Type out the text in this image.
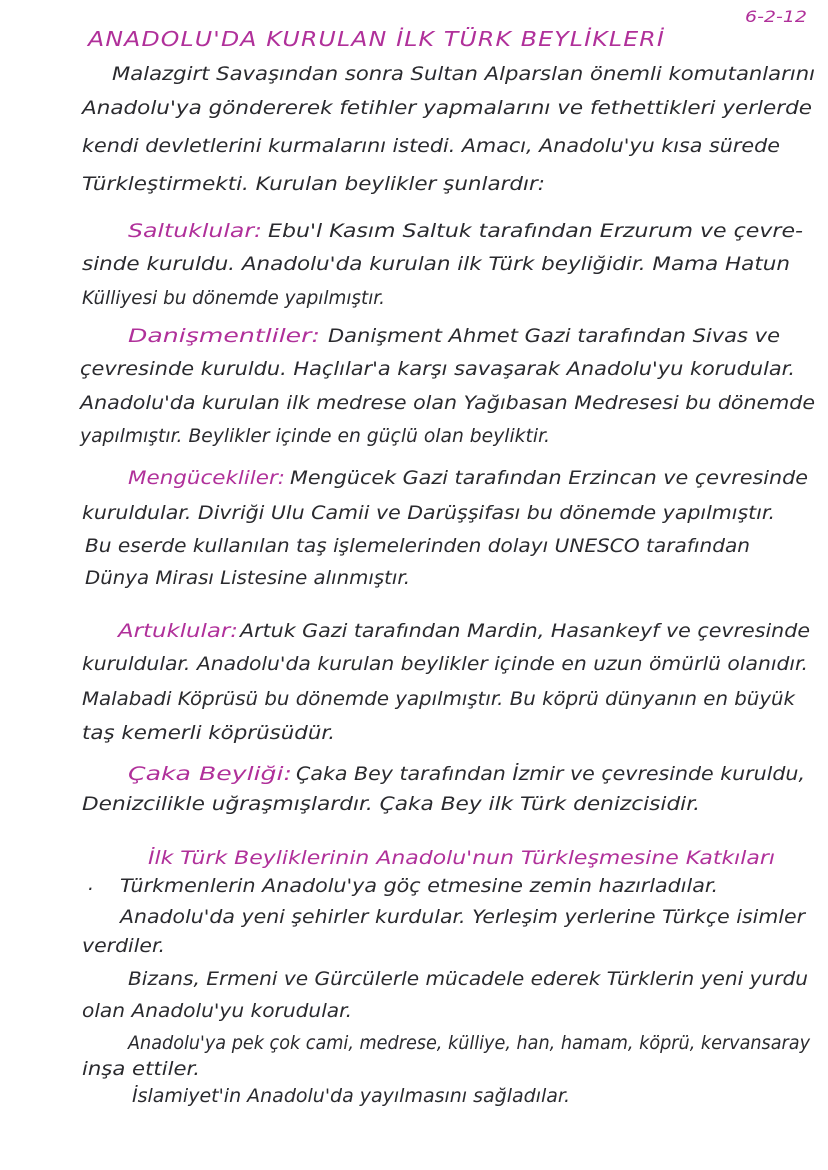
6-2-12
ANADOLU'DA KURULAN İLK TÜRK BEYLİKLERİ
Malazgirt Savaşından sonra Sultan Alparslan önemli komutanlarını
Anadolu'ya göndererek fetihler yapmalarını ve fethettikleri yerlerde
kendi devletlerini kurmalarını istedi. Amacı, Anadolu'yu kısa sürede
Türkleştirmekti. Kurulan beylikler şunlardır:
Saltuklular: Ebu'l Kasım Saltuk tarafından Erzurum ve çevre-
sinde kuruldu. Anadolu'da kurulan ilk Türk beyliğidir. Mama Hatun
Külliyesi bu dönemde yapılmıştır.
Danişmentliler: Danişment Ahmet Gazi tarafından Sivas ve
çevresinde kuruldu. Haçlılar'a karşı savaşarak Anadolu'yu korudular.
Anadolu'da kurulan ilk medrese olan Yağıbasan Medresesi bu dönemde
yapılmıştır. Beylikler içinde en güçlü olan beyliktir.
Mengücekliler: Mengücek Gazi tarafından Erzincan ve çevresinde
kuruldular. Divriği Ulu Camii ve Darüşşifası bu dönemde yapılmıştır.
Bu eserde kullanılan taş işlemelerinden dolayı UNESCO tarafından
Dünya Mirası Listesine alınmıştır.
Artuklular: Artuk Gazi tarafından Mardin, Hasankeyf ve çevresinde
kuruldular. Anadolu'da kurulan beylikler içinde en uzun ömürlü olanıdır.
Malabadi Köprüsü bu dönemde yapılmıştır. Bu köprü dünyanın en büyük
taş kemerli köprüsüdür.
Çaka Beyliği: Çaka Bey tarafından İzmir ve çevresinde kuruldu,
Denizcilikle uğraşmışlardır. Çaka Bey ilk Türk denizcisidir.
İlk Türk Beyliklerinin Anadolu'nun Türkleşmesine Katkıları
. Türkmenlerin Anadolu'ya göç etmesine zemin hazırladılar.
Anadolu'da yeni şehirler kurdular. Yerleşim yerlerine Türkçe isimler
verdiler.
Bizans, Ermeni ve Gürcülerle mücadele ederek Türklerin yeni yurdu
olan Anadolu'yu korudular.
Anadolu'ya pek çok cami, medrese, külliye, han, hamam, köprü, kervansaray
inşa ettiler.
İslamiyet'in Anadolu'da yayılmasını sağladılar.
